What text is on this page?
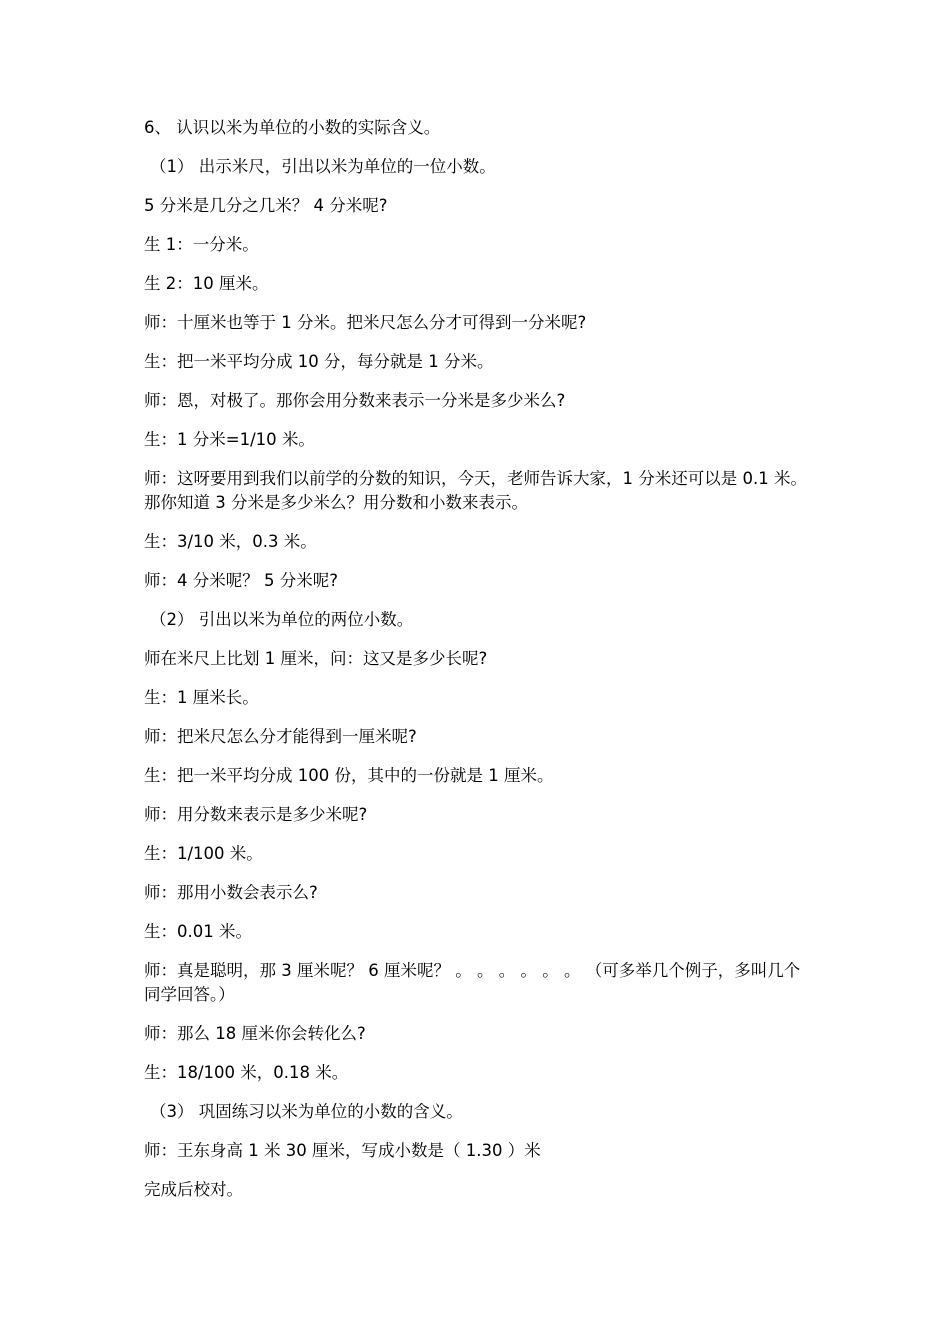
6、 认识以米为单位的小数的实际含义。
（1） 出示米尺，引出以米为单位的一位小数。
5 分米是几分之几米？ 4 分米呢?
生 1：一分米。
生 2：10 厘米。
师：十厘米也等于 1 分米。把米尺怎么分才可得到一分米呢?
生：把一米平均分成 10 分，每分就是 1 分米。
师：恩，对极了。那你会用分数来表示一分米是多少米么?
生：1 分米=1/10 米。
师：这呀要用到我们以前学的分数的知识，今天，老师告诉大家，1 分米还可以是 0.1 米。那你知道 3 分米是多少米么？用分数和小数来表示。
生：3/10 米，0.3 米。
师：4 分米呢？ 5 分米呢?
（2） 引出以米为单位的两位小数。
师在米尺上比划 1 厘米，问：这又是多少长呢?
生：1 厘米长。
师：把米尺怎么分才能得到一厘米呢?
生：把一米平均分成 100 份，其中的一份就是 1 厘米。
师：用分数来表示是多少米呢?
生：1/100 米。
师：那用小数会表示么?
生：0.01 米。
师：真是聪明，那 3 厘米呢？ 6 厘米呢？ 。 。 。 。 。 。 （可多举几个例子，多叫几个同学回答。）
师：那么 18 厘米你会转化么?
生：18/100 米，0.18 米。
（3） 巩固练习以米为单位的小数的含义。
师：王东身高 1 米 30 厘米，写成小数是（ 1.30 ）米
完成后校对。
